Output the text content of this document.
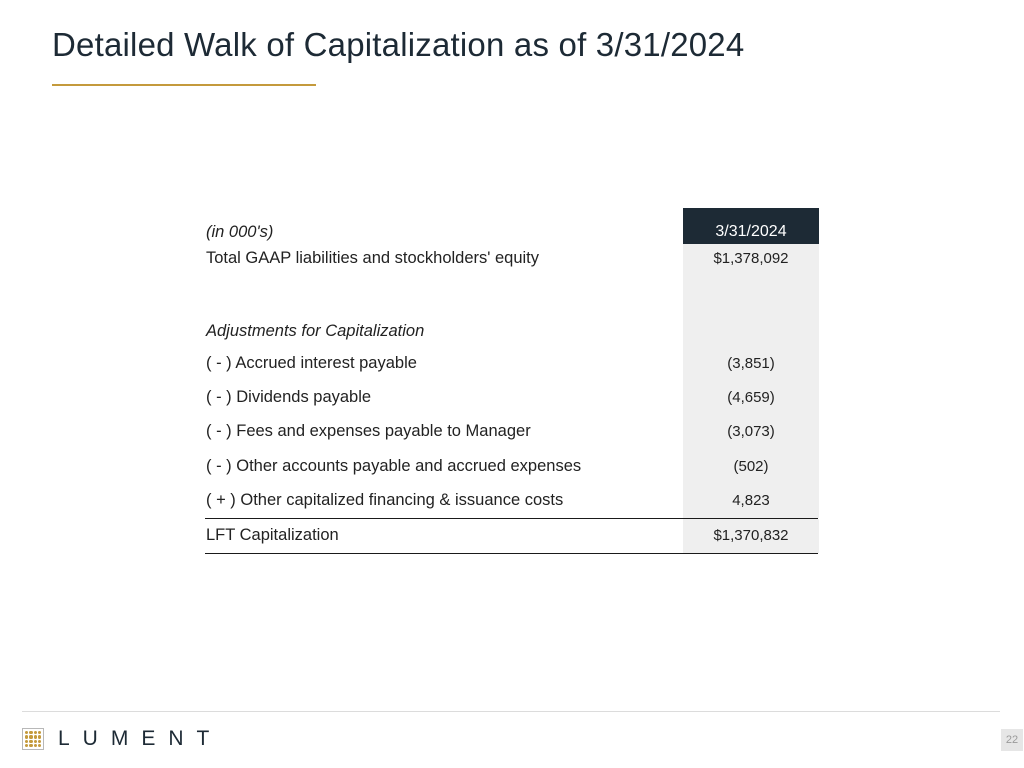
Detailed Walk of Capitalization as of 3/31/2024
(in 000's)	3/31/2024
Total GAAP liabilities and stockholders' equity	$1,378,092
Adjustments for Capitalization
( - ) Accrued interest payable	(3,851)
( - ) Dividends payable	(4,659)
( - ) Fees and expenses payable to Manager	(3,073)
( - ) Other accounts payable and accrued expenses	(502)
( + ) Other capitalized financing & issuance costs	4,823
LFT Capitalization	$1,370,832
LUMENT	22
